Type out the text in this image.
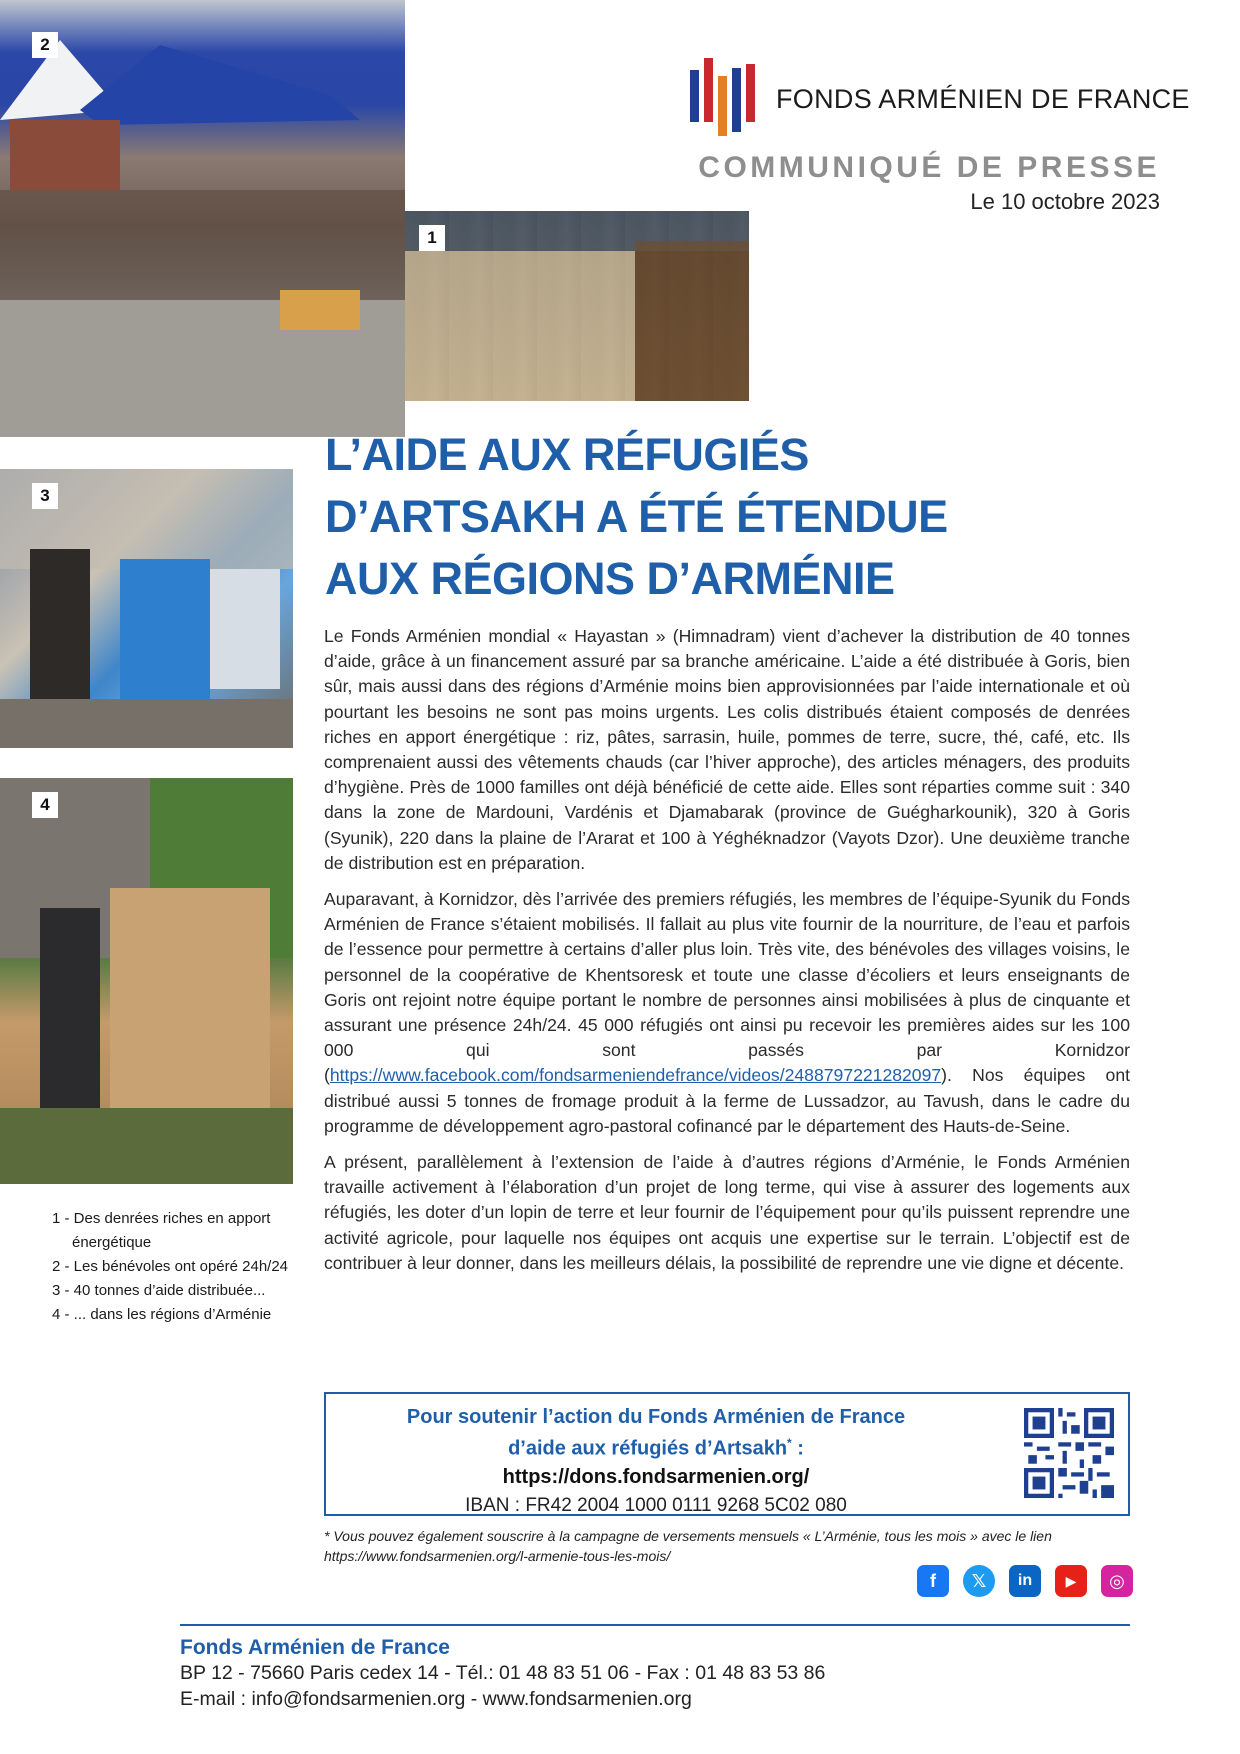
2
1
3
4
FONDS ARMÉNIEN DE FRANCE
COMMUNIQUÉ DE PRESSE
Le 10 octobre 2023
L’AIDE AUX RÉFUGIÉS
D’ARTSAKH A ÉTÉ ÉTENDUE
AUX RÉGIONS D’ARMÉNIE

Le Fonds Arménien mondial « Hayastan » (Himnadram) vient d’achever la distribution de 40 tonnes d’aide, grâce à un financement assuré par sa branche américaine. L’aide a été distribuée à Goris, bien sûr, mais aussi dans des régions d’Arménie moins bien approvisionnées par l’aide internationale et où pourtant les besoins ne sont pas moins urgents. Les colis distribués étaient composés de denrées riches en apport énergétique : riz, pâtes, sarrasin, huile, pommes de terre, sucre, thé, café, etc. Ils comprenaient aussi des vêtements chauds (car l’hiver approche), des articles ménagers, des produits d’hygiène. Près de 1000 familles ont déjà bénéficié de cette aide. Elles sont réparties comme suit : 340 dans la zone de Mardouni, Vardénis et Djamabarak (province de Guégharkounik), 320 à Goris (Syunik), 220 dans la plaine de l’Ararat et 100 à Yéghéknadzor (Vayots Dzor). Une deuxième tranche de distribution est en préparation.

Auparavant, à Kornidzor, dès l’arrivée des premiers réfugiés, les membres de l’équipe-Syunik du Fonds Arménien de France s’étaient mobilisés. Il fallait au plus vite fournir de la nourriture, de l’eau et parfois de l’essence pour permettre à certains d’aller plus loin. Très vite, des bénévoles des villages voisins, le personnel de la coopérative de Khentsoresk et toute une classe d’écoliers et leurs enseignants de Goris ont rejoint notre équipe portant le nombre de personnes ainsi mobilisées à plus de cinquante et assurant une présence 24h/24. 45 000 réfugiés ont ainsi pu recevoir les premières aides sur les 100 000 qui sont passés par Kornidzor (https://www.facebook.com/fondsarmeniendefrance/videos/2488797221282097). Nos équipes ont distribué aussi 5 tonnes de fromage produit à la ferme de Lussadzor, au Tavush, dans le cadre du programme de développement agro-pastoral cofinancé par le département des Hauts-de-Seine.

A présent, parallèlement à l’extension de l’aide à d’autres régions d’Arménie, le Fonds Arménien travaille activement à l’élaboration d’un projet de long terme, qui vise à assurer des logements aux réfugiés, les doter d’un lopin de terre et leur fournir de l’équipement pour qu’ils puissent reprendre une activité agricole, pour laquelle nos équipes ont acquis une expertise sur le terrain. L’objectif est de contribuer à leur donner, dans les meilleurs délais, la possibilité de reprendre une vie digne et décente.

1 - Des denrées riches en apport énergétique
2 - Les bénévoles ont opéré 24h/24
3 - 40 tonnes d’aide distribuée...
4 - ... dans les régions d’Arménie
Pour soutenir l’action du Fonds Arménien de France
d’aide aux réfugiés d’Artsakh* :
https://dons.fondsarmenien.org/
IBAN : FR42 2004 1000 0111 9268 5C02 080
* Vous pouvez également souscrire à la campagne de versements mensuels « L’Arménie, tous les mois » avec le lien
https://www.fondsarmenien.org/l-armenie-tous-les-mois/
f	𝕏	in	▶	◎
Fonds Arménien de France
BP 12 - 75660 Paris cedex 14 - Tél.: 01 48 83 51 06 - Fax : 01 48 83 53 86
E-mail : info@fondsarmenien.org - www.fondsarmenien.org
